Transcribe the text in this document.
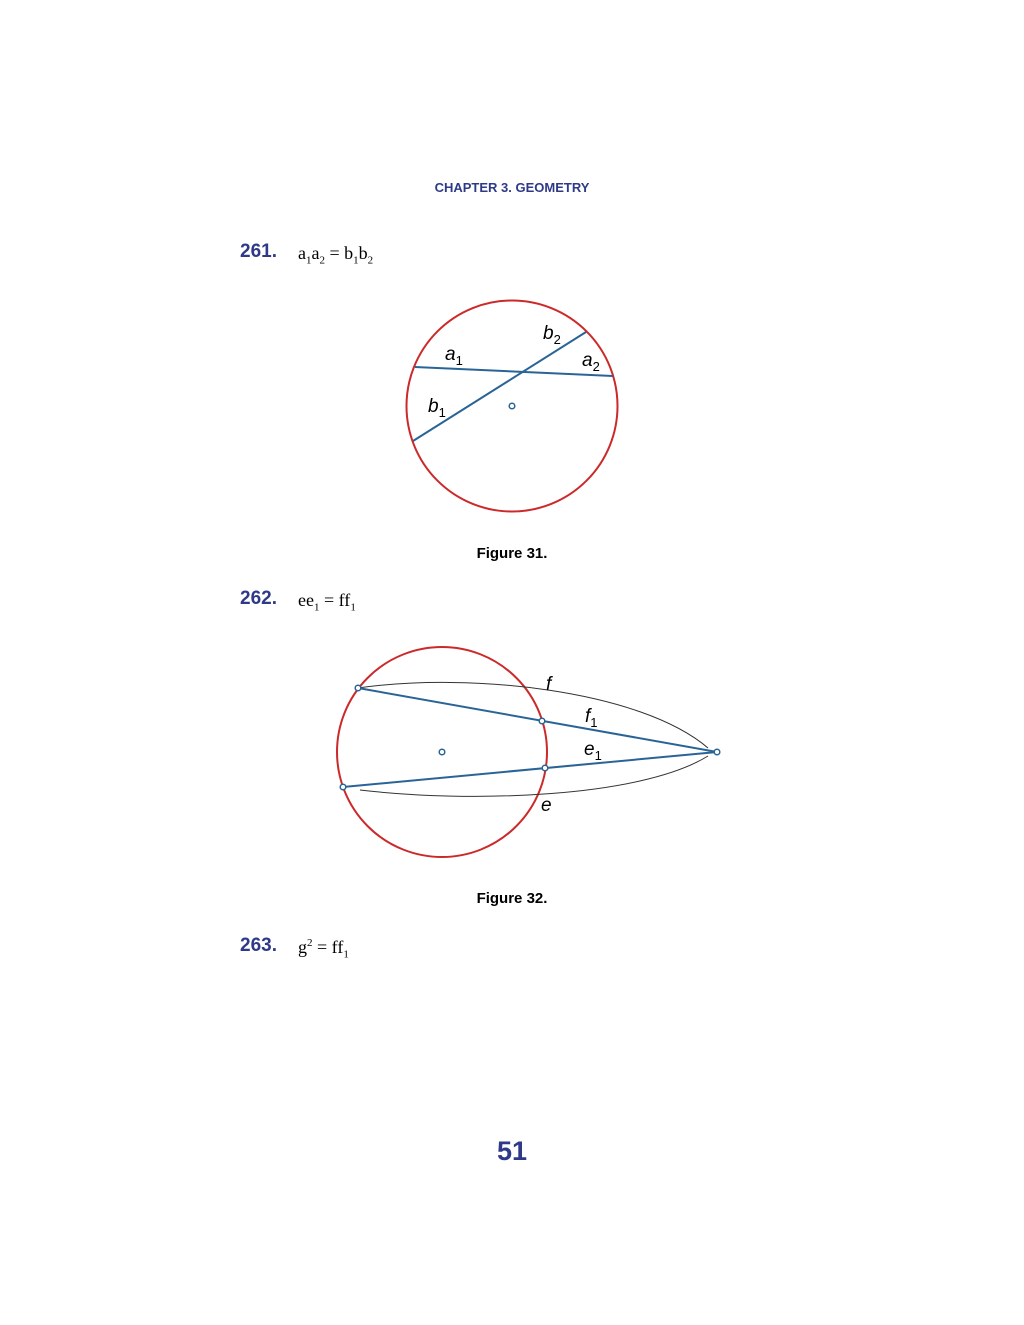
CHAPTER 3. GEOMETRY
261. $a_1a_2 = b_1b_2$
$a_1$	$a_2$
$b_1$
$b_2$
Figure 31.
262. $ee_1 = ff_1$
f
$f_1$
$e_1$
e
Figure 32.
263. $g^2 = ff_1$
51
